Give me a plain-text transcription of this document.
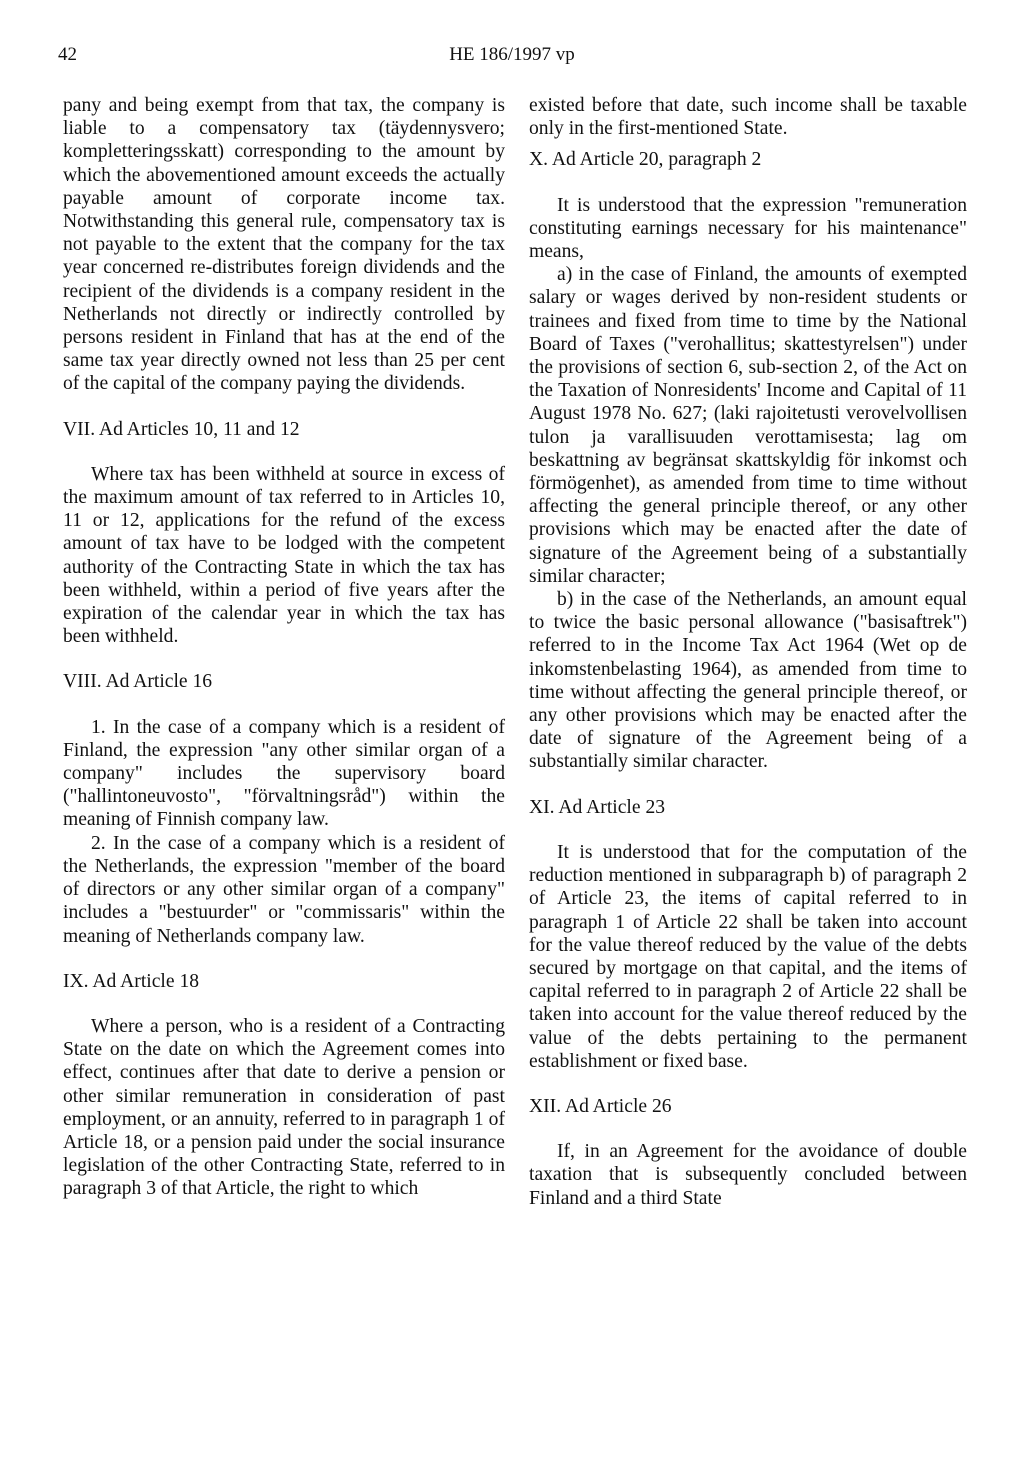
42	HE 186/1997 vp

pany and being exempt from that tax, the company is liable to a compensatory tax (täydennysvero; kompletteringsskatt) corresponding to the amount by which the abovementioned amount exceeds the actually payable amount of corporate income tax. Notwithstanding this general rule, compensatory tax is not payable to the extent that the company for the tax year concerned re-distributes foreign dividends and the recipient of the dividends is a company resident in the Netherlands not directly or indirectly controlled by persons resident in Finland that has at the end of the same tax year directly owned not less than 25 per cent of the capital of the company paying the dividends.

VII. Ad Articles 10, 11 and 12

Where tax has been withheld at source in excess of the maximum amount of tax referred to in Articles 10, 11 or 12, applications for the refund of the excess amount of tax have to be lodged with the competent authority of the Contracting State in which the tax has been withheld, within a period of five years after the expiration of the calendar year in which the tax has been withheld.

VIII. Ad Article 16

1. In the case of a company which is a resident of Finland, the expression "any other similar organ of a company" includes the supervisory board ("hallintoneuvosto", "förvaltningsråd") within the meaning of Finnish company law.

2. In the case of a company which is a resident of the Netherlands, the expression "member of the board of directors or any other similar organ of a company" includes a "bestuurder" or "commissaris" within the meaning of Netherlands company law.

IX. Ad Article 18

Where a person, who is a resident of a Contracting State on the date on which the Agreement comes into effect, continues after that date to derive a pension or other similar remuneration in consideration of past employment, or an annuity, referred to in paragraph 1 of Article 18, or a pension paid under the social insurance legislation of the other Contracting State, referred to in paragraph 3 of that Article, the right to which

existed before that date, such income shall be taxable only in the first-mentioned State.

X. Ad Article 20, paragraph 2

It is understood that the expression "remuneration constituting earnings necessary for his maintenance" means,

a) in the case of Finland, the amounts of exempted salary or wages derived by non-resident students or trainees and fixed from time to time by the National Board of Taxes ("verohallitus; skattestyrelsen") under the provisions of section 6, sub-section 2, of the Act on the Taxation of Nonresidents' Income and Capital of 11 August 1978 No. 627; (laki rajoitetusti verovelvollisen tulon ja varallisuuden verottamisesta; lag om beskattning av begränsat skattskyldig för inkomst och förmögenhet), as amended from time to time without affecting the general principle thereof, or any other provisions which may be enacted after the date of signature of the Agreement being of a substantially similar character;

b) in the case of the Netherlands, an amount equal to twice the basic personal allowance ("basisaftrek") referred to in the Income Tax Act 1964 (Wet op de inkomstenbelasting 1964), as amended from time to time without affecting the general principle thereof, or any other provisions which may be enacted after the date of signature of the Agreement being of a substantially similar character.

XI. Ad Article 23

It is understood that for the computation of the reduction mentioned in subparagraph b) of paragraph 2 of Article 23, the items of capital referred to in paragraph 1 of Article 22 shall be taken into account for the value thereof reduced by the value of the debts secured by mortgage on that capital, and the items of capital referred to in paragraph 2 of Article 22 shall be taken into account for the value thereof reduced by the value of the debts pertaining to the permanent establishment or fixed base.

XII. Ad Article 26

If, in an Agreement for the avoidance of double taxation that is subsequently concluded between Finland and a third State
